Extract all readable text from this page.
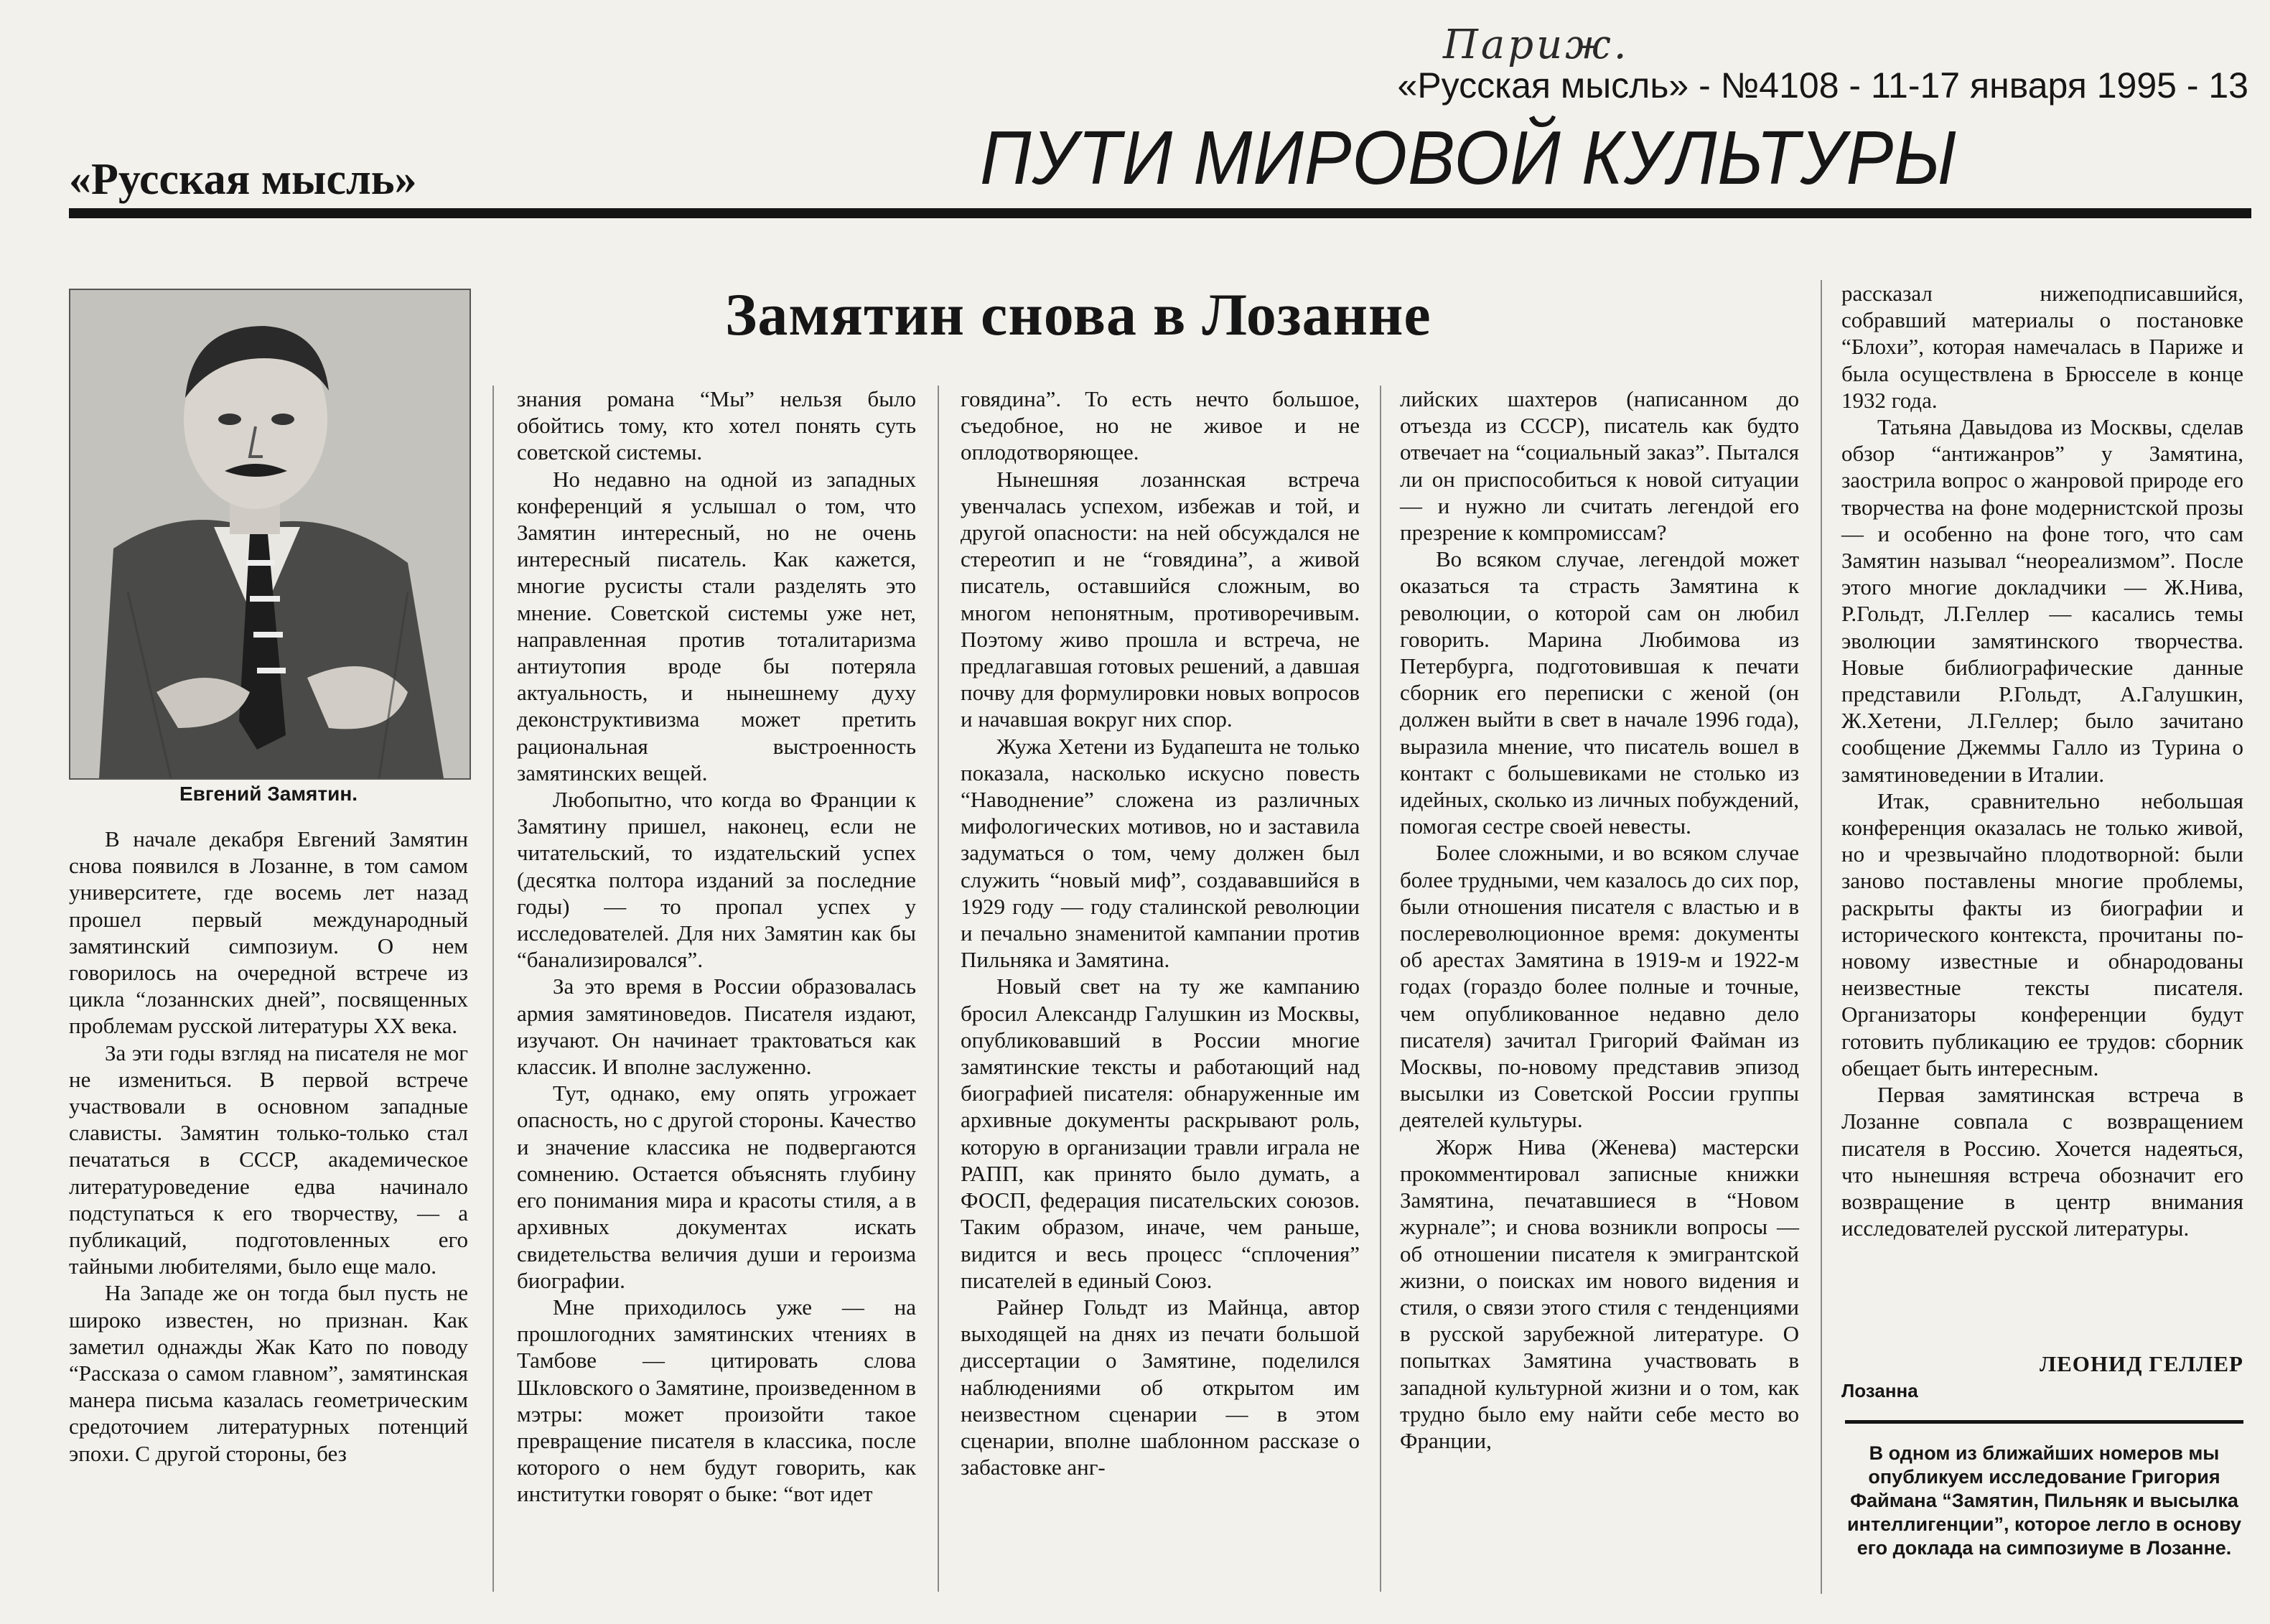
Париж.
«Русская мысль» - №4108 - 11-17 января 1995 - 13
ПУТИ МИРОВОЙ КУЛЬТУРЫ
«Русская мысль»
Замятин снова в Лозанне
Евгений Замятин.

В начале декабря Евгений Замятин снова появился в Лозанне, в том самом университете, где восемь лет назад прошел первый международный замятинский симпозиум. О нем говорилось на очередной встрече из цикла “лозаннских дней”, посвященных проблемам русской литературы XX века.

За эти годы взгляд на писателя не мог не измениться. В первой встрече участвовали в основном западные слависты. Замятин только-только стал печататься в СССР, академическое литературоведение едва начинало подступаться к его творчеству, — а публикаций, подготовленных его тайными любителями, было еще мало.

На Западе же он тогда был пусть не широко известен, но признан. Как заметил однажды Жак Като по поводу “Рассказа о самом главном”, замятинская манера письма казалась геометрическим средоточием литературных потенций эпохи. С другой стороны, без

знания романа “Мы” нельзя было обойтись тому, кто хотел понять суть советской системы.

Но недавно на одной из западных конференций я услышал о том, что Замятин интересный, но не очень интересный писатель. Как кажется, многие русисты стали разделять это мнение. Советской системы уже нет, направленная против тоталитаризма антиутопия вроде бы потеряла актуальность, и нынешнему духу деконструктивизма может претить рациональная выстроенность замятинских вещей.

Любопытно, что когда во Франции к Замятину пришел, наконец, если не читательский, то издательский успех (десятка полтора изданий за последние годы) — то пропал успех у исследователей. Для них Замятин как бы “банализировался”.

За это время в России образовалась армия замятиноведов. Писателя издают, изучают. Он начинает трактоваться как классик. И вполне заслуженно.

Тут, однако, ему опять угрожает опасность, но с другой стороны. Качество и значение классика не подвергаются сомнению. Остается объяснять глубину его понимания мира и красоты стиля, а в архивных документах искать свидетельства величия души и героизма биографии.

Мне приходилось уже — на прошлогодних замятинских чтениях в Тамбове — цитировать слова Шкловского о Замятине, произведенном в мэтры: может произойти такое превращение писателя в классика, после которого о нем будут говорить, как институтки говорят о быке: “вот идет

говядина”. То есть нечто большое, съедобное, но не живое и не оплодотворяющее.

Нынешняя лозаннская встреча увенчалась успехом, избежав и той, и другой опасности: на ней обсуждался не стереотип и не “говядина”, а живой писатель, оставшийся сложным, во многом непонятным, противоречивым. Поэтому живо прошла и встреча, не предлагавшая готовых решений, а давшая почву для формулировки новых вопросов и начавшая вокруг них спор.

Жужа Хетени из Будапешта не только показала, насколько искусно повесть “Наводнение” сложена из различных мифологических мотивов, но и заставила задуматься о том, чему должен был служить “новый миф”, создававшийся в 1929 году — году сталинской революции и печально знаменитой кампании против Пильняка и Замятина.

Новый свет на ту же кампанию бросил Александр Галушкин из Москвы, опубликовавший в России многие замятинские тексты и работающий над биографией писателя: обнаруженные им архивные документы раскрывают роль, которую в организации травли играла не РАПП, как принято было думать, а ФОСП, федерация писательских союзов. Таким образом, иначе, чем раньше, видится и весь процесс “сплочения” писателей в единый Союз.

Райнер Гольдт из Майнца, автор выходящей на днях из печати большой диссертации о Замятине, поделился наблюдениями об открытом им неизвестном сценарии — в этом сценарии, вполне шаблонном рассказе о забастовке анг-

лийских шахтеров (написанном до отъезда из СССР), писатель как будто отвечает на “социальный заказ”. Пытался ли он приспособиться к новой ситуации — и нужно ли считать легендой его презрение к компромиссам?

Во всяком случае, легендой может оказаться та страсть Замятина к революции, о которой сам он любил говорить. Марина Любимова из Петербурга, подготовившая к печати сборник его переписки с женой (он должен выйти в свет в начале 1996 года), выразила мнение, что писатель вошел в контакт с большевиками не столько из идейных, сколько из личных побуждений, помогая сестре своей невесты.

Более сложными, и во всяком случае более трудными, чем казалось до сих пор, были отношения писателя с властью и в послереволюционное время: документы об арестах Замятина в 1919-м и 1922-м годах (гораздо более полные и точные, чем опубликованное недавно дело писателя) зачитал Григорий Файман из Москвы, по-новому представив эпизод высылки из Советской России группы деятелей культуры.

Жорж Нива (Женева) мастерски прокомментировал записные книжки Замятина, печатавшиеся в “Новом журнале”; и снова возникли вопросы — об отношении писателя к эмигрантской жизни, о поисках им нового видения и стиля, о связи этого стиля с тенденциями в русской зарубежной литературе. О попытках Замятина участвовать в западной культурной жизни и о том, как трудно было ему найти себе место во Франции,

рассказал нижеподписавшийся, собравший материалы о постановке “Блохи”, которая намечалась в Париже и была осуществлена в Брюсселе в конце 1932 года.

Татьяна Давыдова из Москвы, сделав обзор “антижанров” у Замятина, заострила вопрос о жанровой природе его творчества на фоне модернистской прозы — и особенно на фоне того, что сам Замятин называл “неореализмом”. После этого многие докладчики — Ж.Нива, Р.Гольдт, Л.Геллер — касались темы эволюции замятинского творчества. Новые библиографические данные представили Р.Гольдт, А.Галушкин, Ж.Хетени, Л.Геллер; было зачитано сообщение Джеммы Галло из Турина о замятиноведении в Италии.

Итак, сравнительно небольшая конференция оказалась не только живой, но и чрезвычайно плодотворной: были заново поставлены многие проблемы, раскрыты факты из биографии и исторического контекста, прочитаны по-новому известные и обнародованы неизвестные тексты писателя. Организаторы конференции будут готовить публикацию ее трудов: сборник обещает быть интересным.

Первая замятинская встреча в Лозанне совпала с возвращением писателя в Россию. Хочется надеяться, что нынешняя встреча обозначит его возвращение в центр внимания исследователей русской литературы.

ЛЕОНИД ГЕЛЛЕР
Лозанна
В одном из ближайших номеров мы опубликуем исследование Григория Файмана “Замятин, Пильняк и высылка интеллигенции”, которое легло в основу его доклада на симпозиуме в Лозанне.
